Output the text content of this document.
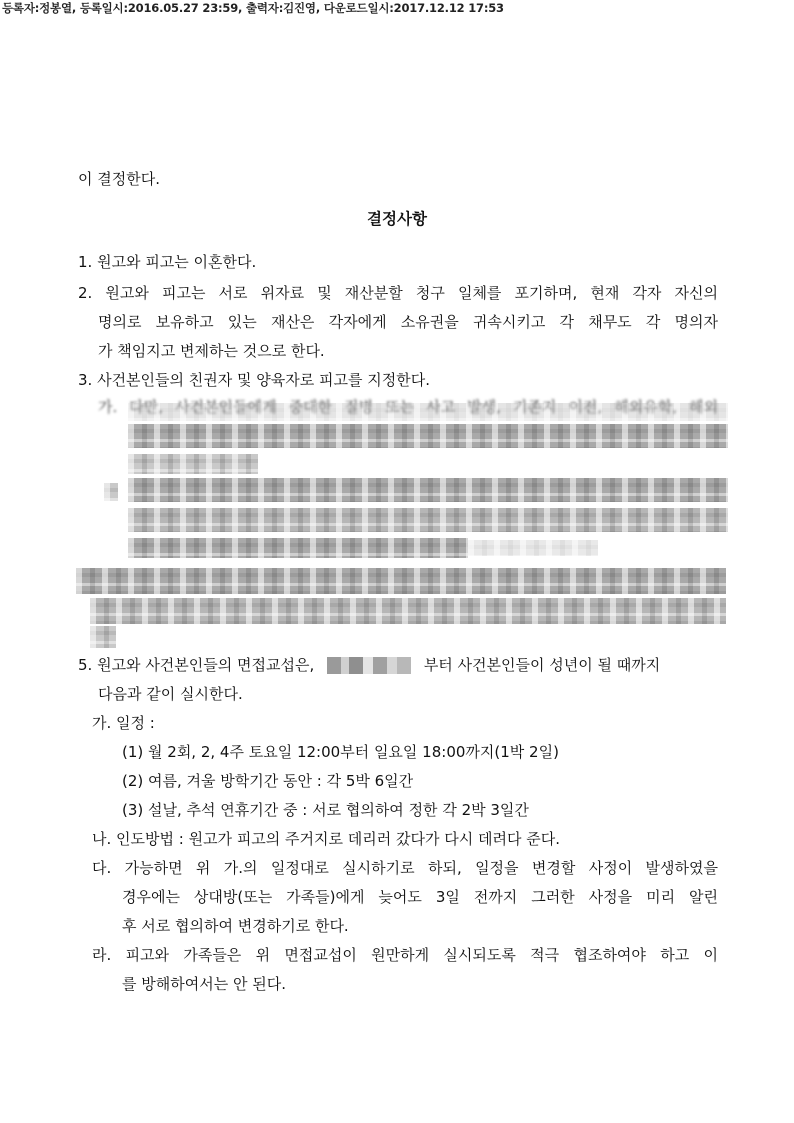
등록자:정봉열, 등록일시:2016.05.27 23:59, 출력자:김진영, 다운로드일시:2017.12.12 17:53
이 결정한다.
결정사항
1. 원고와 피고는 이혼한다.
2. 원고와 피고는 서로 위자료 및 재산분할 청구 일체를 포기하며, 현재 각자 자신의
명의로 보유하고 있는 재산은 각자에게 소유권을 귀속시키고 각 채무도 각 명의자
가 책임지고 변제하는 것으로 한다.
3. 사건본인들의 친권자 및 양육자로 피고를 지정한다.
가. 다만, 사건본인들에게 중대한 질병 또는 사고 발생, 기존지 이전, 해외유학, 해외
5. 원고와 사건본인들의 면접교섭은,	부터 사건본인들이 성년이 될 때까지
다음과 같이 실시한다.
가. 일정 :
(1) 월 2회, 2, 4주 토요일 12:00부터 일요일 18:00까지(1박 2일)
(2) 여름, 겨울 방학기간 동안 : 각 5박 6일간
(3) 설날, 추석 연휴기간 중 : 서로 협의하여 정한 각 2박 3일간
나. 인도방법 : 원고가 피고의 주거지로 데리러 갔다가 다시 데려다 준다.
다. 가능하면 위 가.의 일정대로 실시하기로 하되, 일정을 변경할 사정이 발생하였을
경우에는 상대방(또는 가족들)에게 늦어도 3일 전까지 그러한 사정을 미리 알린
후 서로 협의하여 변경하기로 한다.
라. 피고와 가족들은 위 면접교섭이 원만하게 실시되도록 적극 협조하여야 하고 이
를 방해하여서는 안 된다.
